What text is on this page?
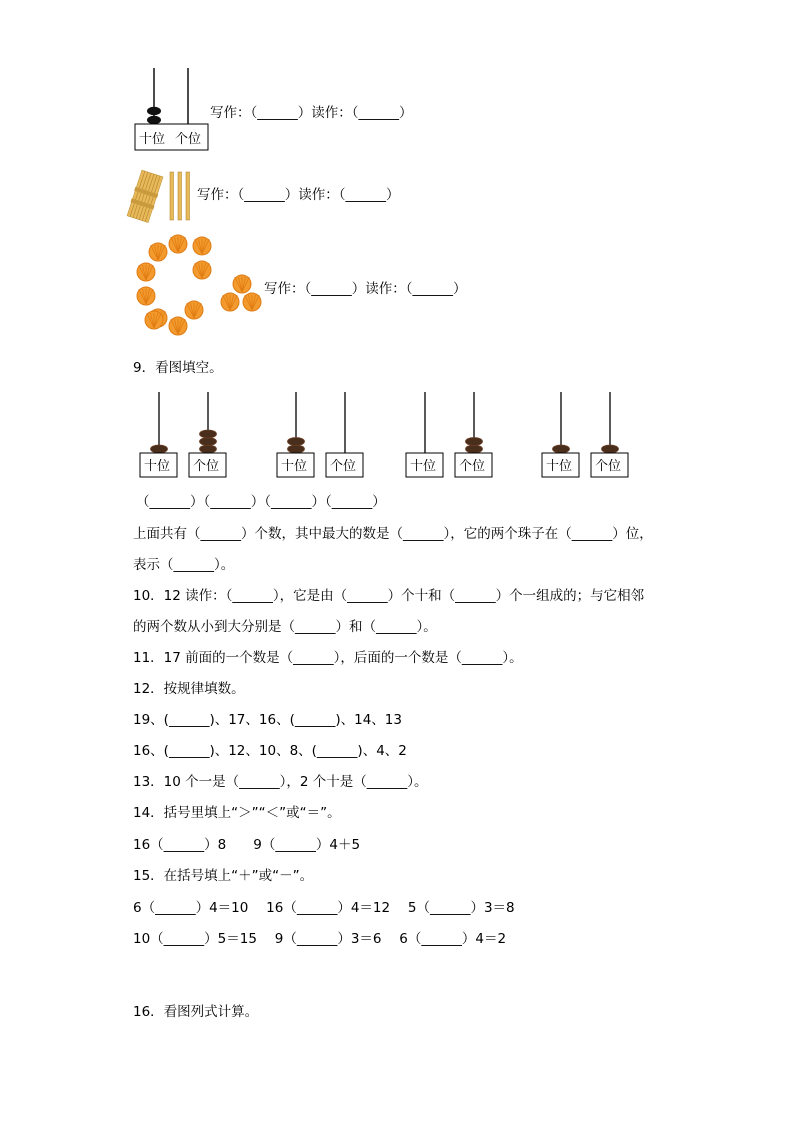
十位 个位
写作：（______）读作：（______）
写作：（______）读作：（______）
写作：（______）读作：（______）
9．看图填空。
十位 个位	十位 个位	十位 个位	十位 个位
（______）（______）（______）（______）
上面共有（______）个数，其中最大的数是（______），它的两个珠子在（______）位，
表示（______）。
10．12 读作：（______），它是由（______）个十和（______）个一组成的；与它相邻
的两个数从小到大分别是（______）和（______）。
11．17 前面的一个数是（______），后面的一个数是（______）。
12．按规律填数。
19、(______)、17、16、(______)、14、13
16、(______)、12、10、8、(______)、4、2
13．10 个一是（______），2 个十是（______）。
14．括号里填上“＞”“＜”或“＝”。
16（______）8　　9（______）4＋5
15．在括号填上“＋”或“－”。
6（______）4＝10　 16（______）4＝12　 5（______）3＝8
10（______）5＝15　 9（______）3＝6　 6（______）4＝2
16．看图列式计算。
